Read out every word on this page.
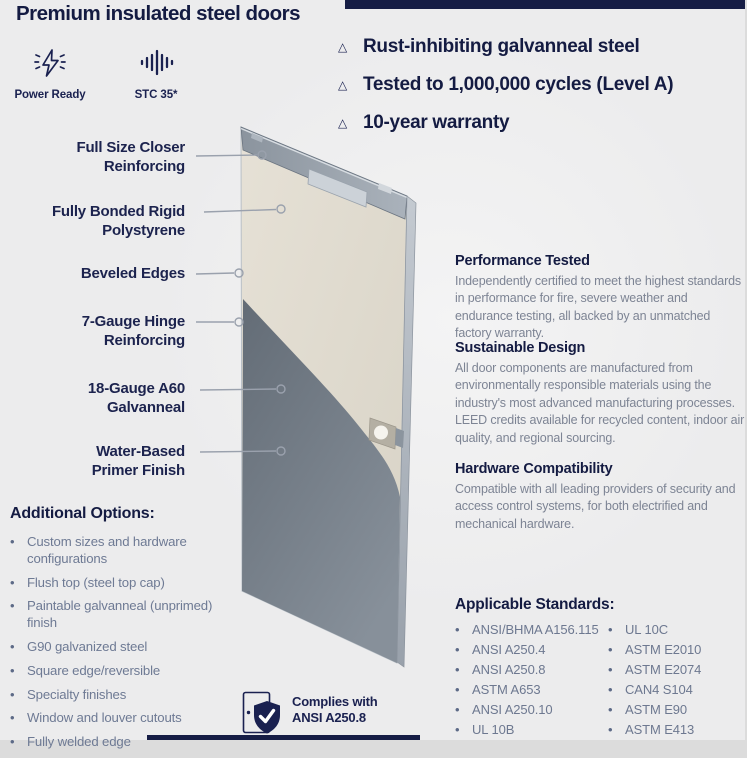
Premium insulated steel doors
Power Ready	STC 35*
△ Rust-inhibiting galvanneal steel
△ Tested to 1,000,000 cycles (Level A)
△ 10-year warranty
Full Size Closer
Reinforcing
Fully Bonded Rigid
Polystyrene
Beveled Edges
7-Gauge Hinge
Reinforcing
18-Gauge A60
Galvanneal
Water-Based
Primer Finish
Additional Options:
• Custom sizes and hardware configurations
• Flush top (steel top cap)
• Paintable galvanneal (unprimed) finish
• G90 galvanized steel
• Square edge/reversible
• Specialty finishes
• Window and louver cutouts
• Fully welded edge
Performance Tested

Independently certified to meet the highest standards in performance for fire, severe weather and endurance testing, all backed by an unmatched factory warranty.

Sustainable Design

All door components are manufactured from environmentally responsible materials using the industry's most advanced manufacturing processes. LEED credits available for recycled content, indoor air quality, and regional sourcing.

Hardware Compatibility

Compatible with all leading providers of security and access control systems, for both electrified and mechanical hardware.

Applicable Standards:
• ANSI/BHMA A156.115
• ANSI A250.4
• ANSI A250.8
• ASTM A653
• ANSI A250.10
• UL 10B
• UL 10C
• ASTM E2010
• ASTM E2074
• CAN4 S104
• ASTM E90
• ASTM E413
Complies with
ANSI A250.8
